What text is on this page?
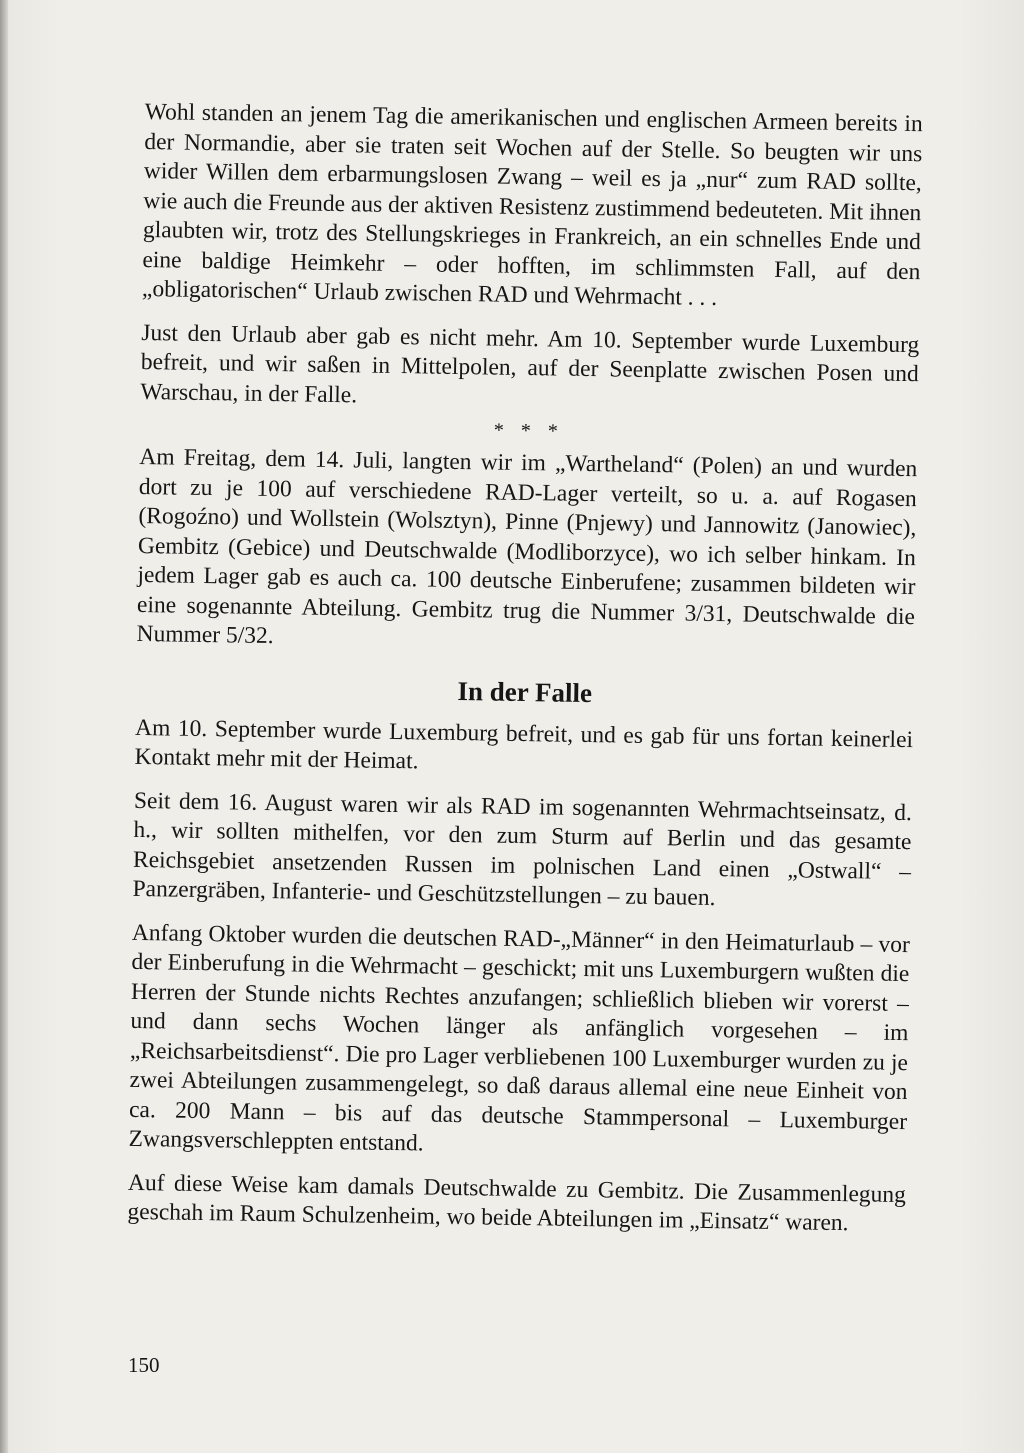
Wohl standen an jenem Tag die amerikanischen und englischen Armeen bereits in der Normandie, aber sie traten seit Wochen auf der Stelle. So beugten wir uns wider Willen dem erbarmungslosen Zwang – weil es ja „nur“ zum RAD sollte, wie auch die Freunde aus der aktiven Resistenz zustimmend bedeuteten. Mit ihnen glaubten wir, trotz des Stellungskrieges in Frankreich, an ein schnelles Ende und eine baldige Heimkehr – oder hofften, im schlimmsten Fall, auf den „obligatorischen“ Urlaub zwischen RAD und Wehrmacht . . .

Just den Urlaub aber gab es nicht mehr. Am 10. September wurde Luxemburg befreit, und wir saßen in Mittelpolen, auf der Seenplatte zwischen Posen und Warschau, in der Falle.

* * *

Am Freitag, dem 14. Juli, langten wir im „Wartheland“ (Polen) an und wurden dort zu je 100 auf verschiedene RAD-Lager verteilt, so u. a. auf Rogasen (Rogoźno) und Wollstein (Wolsztyn), Pinne (Pnjewy) und Jannowitz (Janowiec), Gembitz (Gebice) und Deutschwalde (Modliborzyce), wo ich selber hinkam. In jedem Lager gab es auch ca. 100 deutsche Einberufene; zusammen bildeten wir eine sogenannte Abteilung. Gembitz trug die Nummer 3/31, Deutschwalde die Nummer 5/32.

In der Falle

Am 10. September wurde Luxemburg befreit, und es gab für uns fortan keinerlei Kontakt mehr mit der Heimat.

Seit dem 16. August waren wir als RAD im sogenannten Wehrmachtseinsatz, d. h., wir sollten mithelfen, vor den zum Sturm auf Berlin und das gesamte Reichsgebiet ansetzenden Russen im polnischen Land einen „Ostwall“ – Panzergräben, Infanterie- und Geschützstellungen – zu bauen.

Anfang Oktober wurden die deutschen RAD-„Männer“ in den Heimaturlaub – vor der Einberufung in die Wehrmacht – geschickt; mit uns Luxemburgern wußten die Herren der Stunde nichts Rechtes anzufangen; schließlich blieben wir vorerst – und dann sechs Wochen länger als anfänglich vorgesehen – im „Reichsarbeitsdienst“. Die pro Lager verbliebenen 100 Luxemburger wurden zu je zwei Abteilungen zusammengelegt, so daß daraus allemal eine neue Einheit von ca. 200 Mann – bis auf das deutsche Stammpersonal – Luxemburger Zwangsverschleppten entstand.

Auf diese Weise kam damals Deutschwalde zu Gembitz. Die Zusammenlegung geschah im Raum Schulzenheim, wo beide Abteilungen im „Einsatz“ waren.

150
